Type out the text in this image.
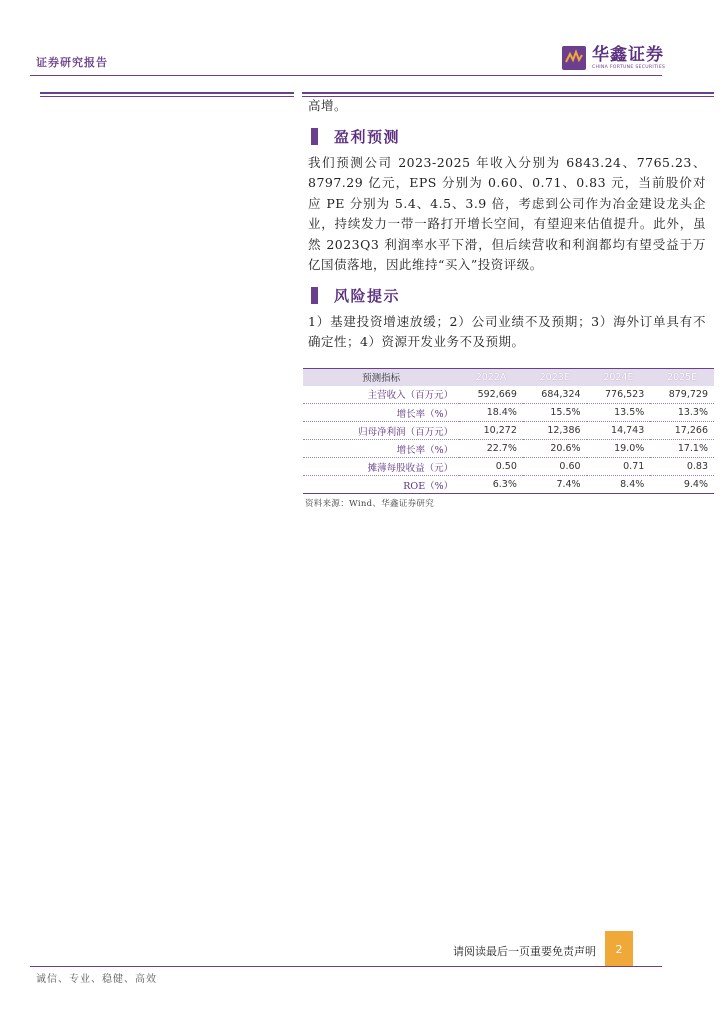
证券研究报告	华鑫证券
CHINA FORTUNE SECURITIES

高增。

盈利预测

我们预测公司 2023-2025 年收入分别为 6843.24、7765.23、8797.29 亿元，EPS 分别为 0.60、0.71、0.83 元，当前股价对应 PE 分别为 5.4、4.5、3.9 倍，考虑到公司作为冶金建设龙头企业，持续发力一带一路打开增长空间，有望迎来估值提升。此外，虽然 2023Q3 利润率水平下滑，但后续营收和利润都均有望受益于万亿国债落地，因此维持“买入”投资评级。

风险提示

1）基建投资增速放缓；2）公司业绩不及预期；3）海外订单具有不确定性；4）资源开发业务不及预期。

预测指标	2022A	2023E	2024E	2025E
主营收入（百万元）	592,669	684,324	776,523	879,729
增长率（%）	18.4%	15.5%	13.5%	13.3%
归母净利润（百万元）	10,272	12,386	14,743	17,266
增长率（%）	22.7%	20.6%	19.0%	17.1%
摊薄每股收益（元）	0.50	0.60	0.71	0.83
ROE（%）	6.3%	7.4%	8.4%	9.4%
资料来源：Wind、华鑫证券研究
请阅读最后一页重要免责声明	2
诚信、专业、稳健、高效
